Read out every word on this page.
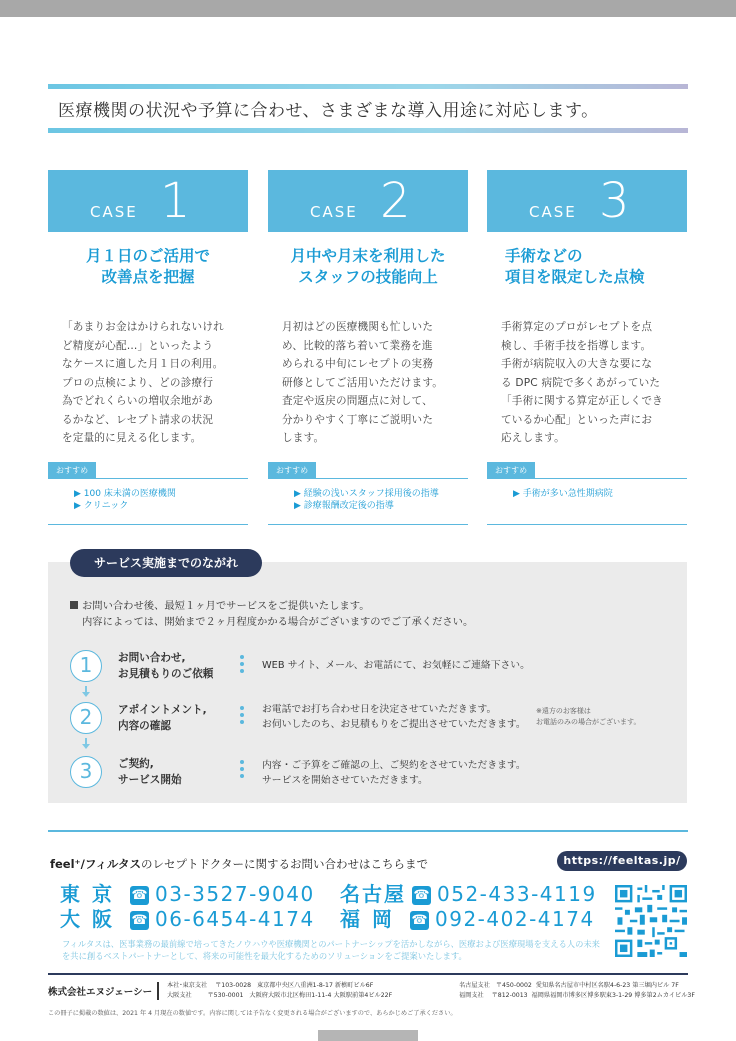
医療機関の状況や予算に合わせ、さまざまな導入用途に対応します。
CASE 1
月１日のご活用で
改善点を把握
「あまりお金はかけられないけれ
ど精度が心配…」といったよう
なケースに適した月１日の利用。
プロの点検により、どの診療行
為でどれくらいの増収余地があ
るかなど、レセプト請求の状況
を定量的に見える化します。
CASE 2
月中や月末を利用した
スタッフの技能向上
月初はどの医療機関も忙しいた
め、比較的落ち着いて業務を進
められる中旬にレセプトの実務
研修としてご活用いただけます。
査定や返戻の問題点に対して、
分かりやすく丁寧にご説明いた
します。
CASE 3
手術などの
項目を限定した点検
手術算定のプロがレセプトを点
検し、手術手技を指導します。
手術が病院収入の大きな要にな
る DPC 病院で多くあがっていた
「手術に関する算定が正しくでき
ているか心配」といった声にお
応えします。
おすすめ
▶ 100 床未満の医療機関
▶ クリニック
おすすめ
▶ 経験の浅いスタッフ採用後の指導
▶ 診療報酬改定後の指導
おすすめ
▶ 手術が多い急性期病院
サービス実施までのながれ
お問い合わせ後、最短１ヶ月でサービスをご提供いたします。
内容によっては、開始まで２ヶ月程度かかる場合がございますのでご了承ください。
1	お問い合わせ,
お見積もりのご依頼
WEB サイト、メール、お電話にて、お気軽にご連絡下さい。
2	アポイントメント,
内容の確認
お電話でお打ち合わせ日を決定させていただきます。
お伺いしたのち、お見積もりをご提出させていただきます。
※遠方のお客様は
お電話のみの場合がございます。
3	ご契約,
サービス開始
内容・ご予算をご確認の上、ご契約をさせていただきます。
サービスを開始させていただきます。
feel⁺/フィルタスのレセプトドクターに関するお問い合わせはこちらまで	https://feeltas.jp/
東京 ☎ 03-3527-9040 名古屋 ☎ 052-433-4119
大阪 ☎ 06-6454-4174 福岡 ☎ 092-402-4174
フィルタスは、医事業務の最前線で培ってきたノウハウや医療機関とのパートナーシップを活かしながら、医療および医療現場を支える人の未来を共に創るベストパートナーとして、将来の可能性を最大化するためのソリューションをご提案いたします。
株式会社エヌジェーシー
本社･東京支社 〒103-0028 東京都中央区八重洲1-8-17 新槙町ビル6F
大阪支社	〒530-0001 大阪府大阪市北区梅田1-11-4 大阪駅前第4ビル22F
名古屋支社 〒450-0002 愛知県名古屋市中村区名駅4-6-23 第三堀内ビル 7F
福岡支社 〒812-0013 福岡県福岡市博多区博多駅東3-1-29 博多第2ムカイビル3F
この冊子に掲載の数値は、2021 年 4 月現在の数値です。内容に関しては予告なく変更される場合がございますので、あらかじめご了承ください。
